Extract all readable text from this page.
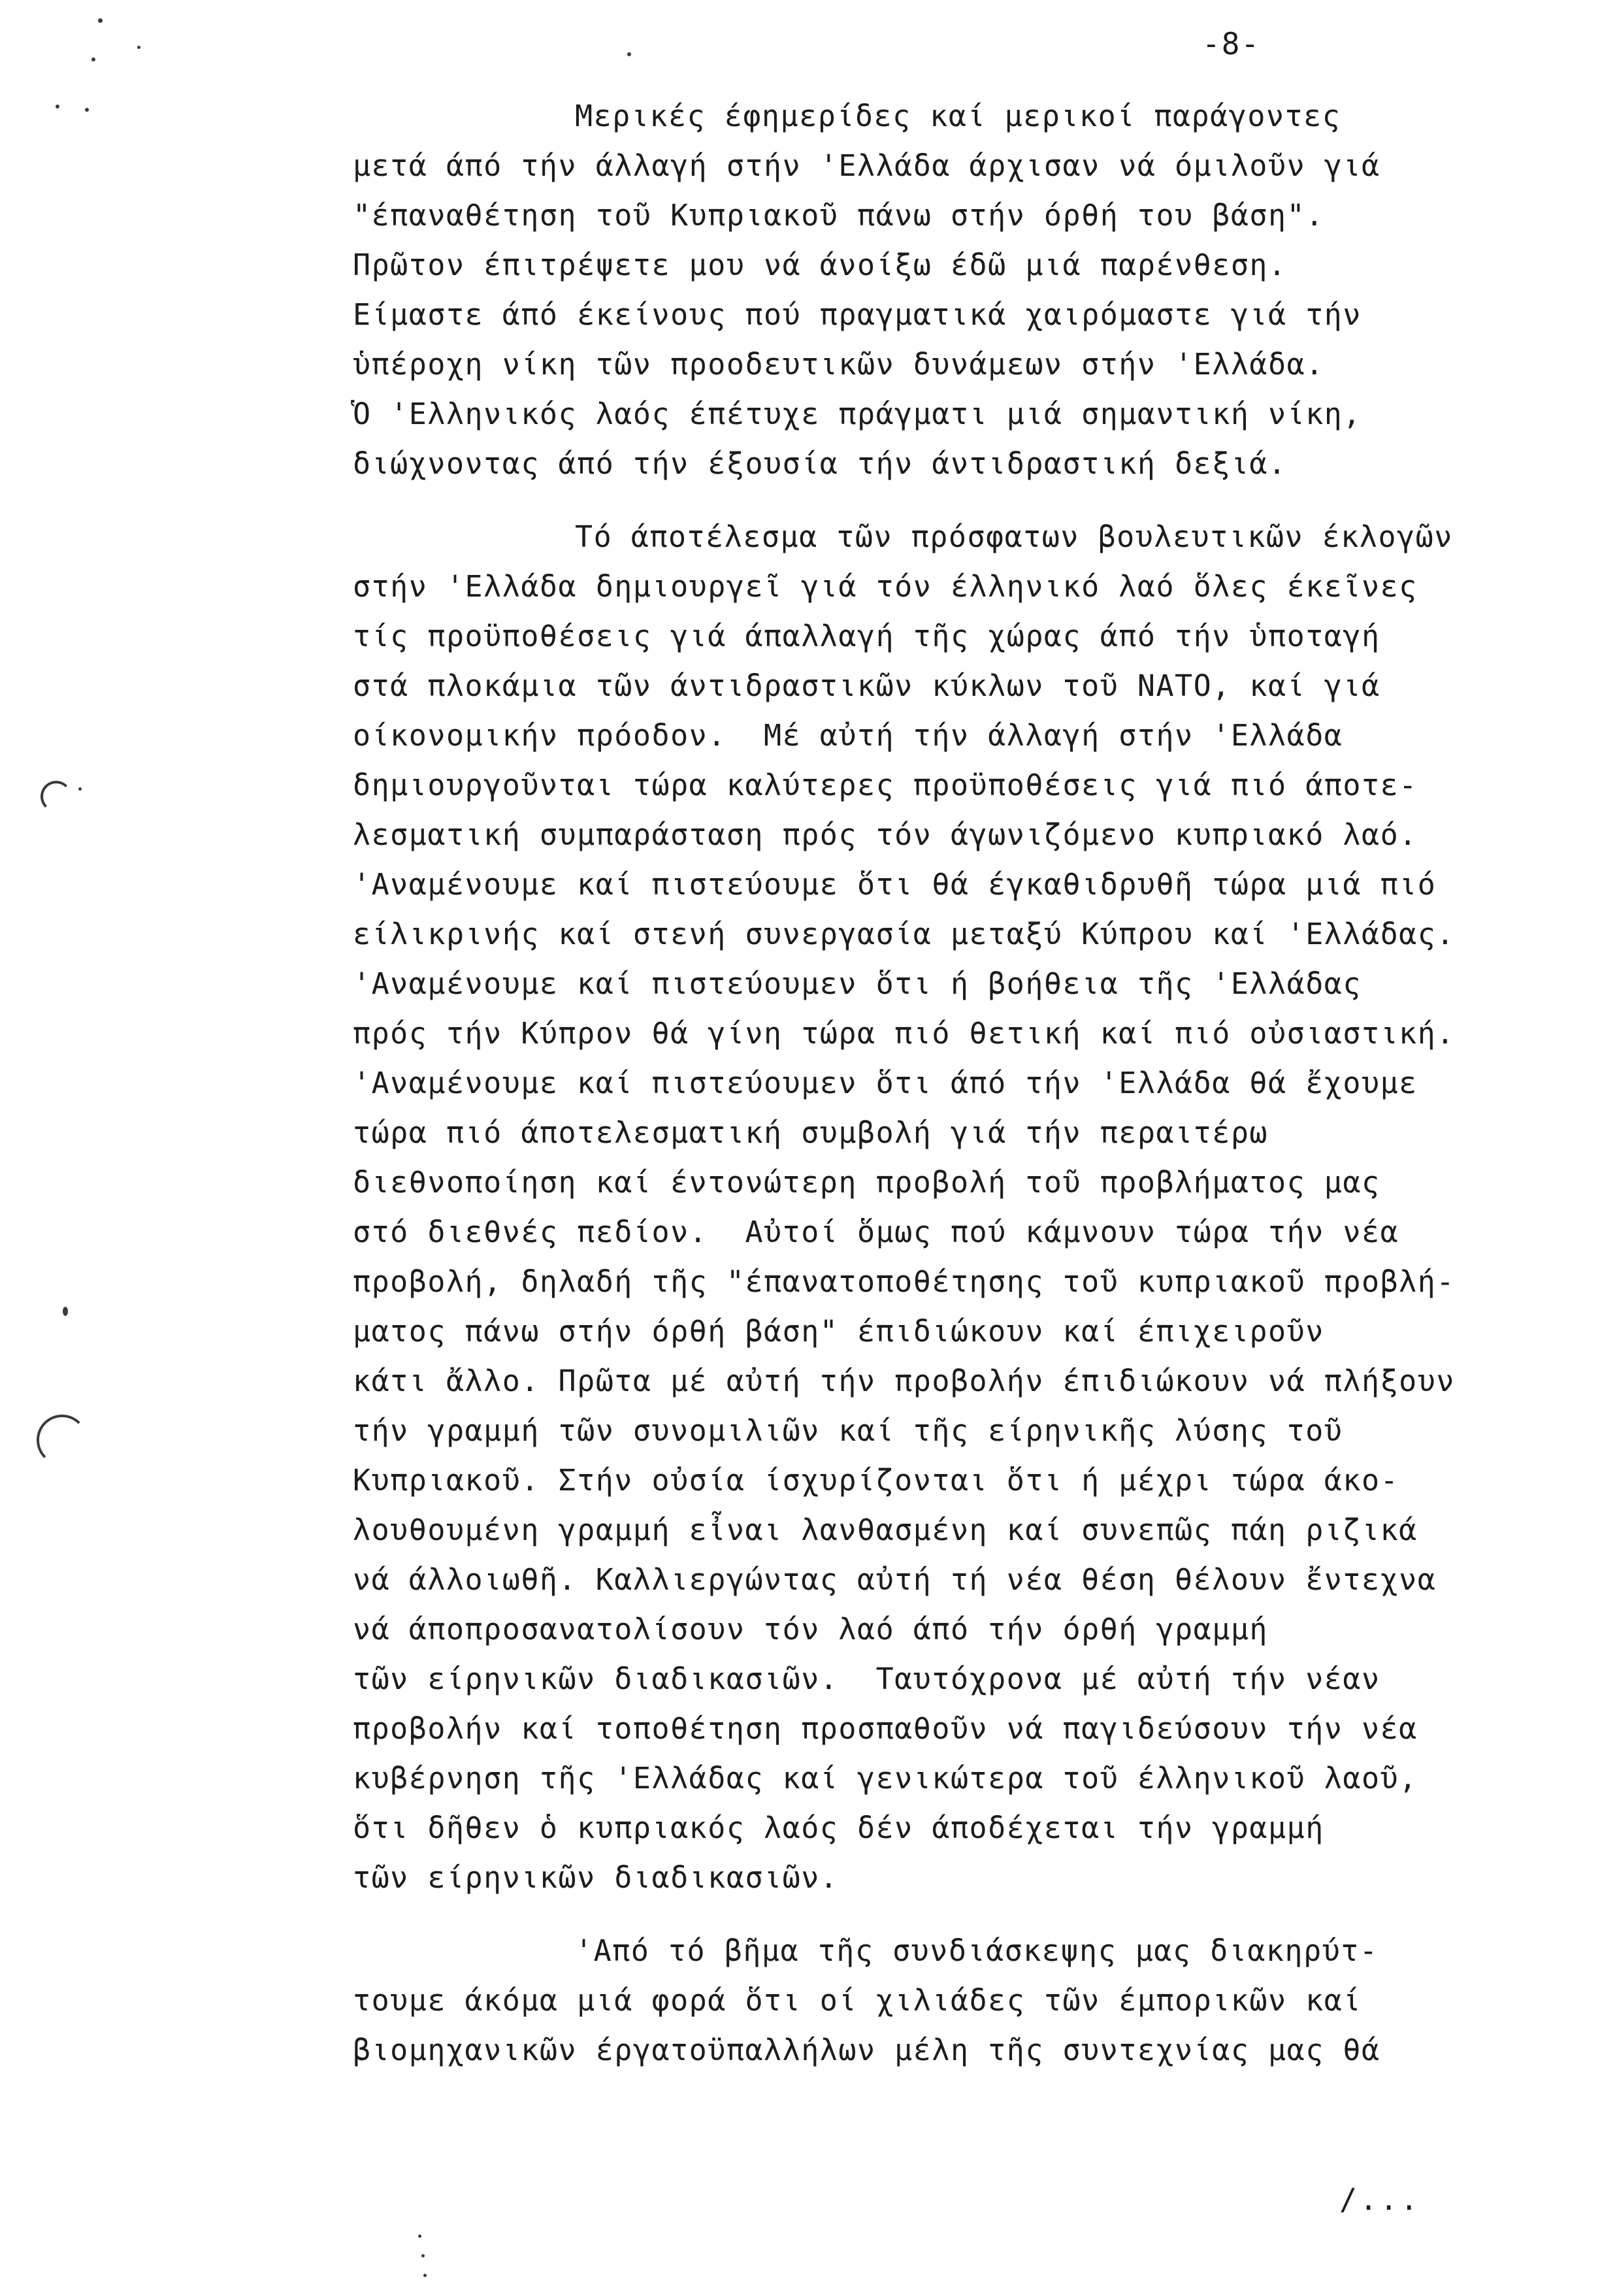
-8-

Μερικές έφημερίδες καί μερικοί παράγοντες
μετά άπό τήν άλλαγή στήν 'Ελλάδα άρχισαν νά όμιλοῦν γιά
"έπαναθέτηση τοῦ Κυπριακοῦ πάνω στήν όρθή του βάση".
Πρῶτον έπιτρέψετε μου νά άνοίξω έδῶ μιά παρένθεση.
Είμαστε άπό έκείνους πού πραγματικά χαιρόμαστε γιά τήν
ὑπέροχη νίκη τῶν προοδευτικῶν δυνάμεων στήν 'Ελλάδα.
Ὁ 'Ελληνικός λαός έπέτυχε πράγματι μιά σημαντική νίκη,
διώχνοντας άπό τήν έξουσία τήν άντιδραστική δεξιά.

Τό άποτέλεσμα τῶν πρόσφατων βουλευτικῶν έκλογῶν
στήν 'Ελλάδα δημιουργεῖ γιά τόν έλληνικό λαό ὅλες έκεῖνες
τίς προϋποθέσεις γιά άπαλλαγή τῆς χώρας άπό τήν ὑποταγή
στά πλοκάμια τῶν άντιδραστικῶν κύκλων τοῦ ΝΑΤΟ, καί γιά
οίκονομικήν πρόοδον.  Μέ αὐτή τήν άλλαγή στήν 'Ελλάδα
δημιουργοῦνται τώρα καλύτερες προϋποθέσεις γιά πιό άποτε-
λεσματική συμπαράσταση πρός τόν άγωνιζόμενο κυπριακό λαό.
'Αναμένουμε καί πιστεύουμε ὅτι θά έγκαθιδρυθῆ τώρα μιά πιό
είλικρινής καί στενή συνεργασία μεταξύ Κύπρου καί 'Ελλάδας.
'Αναμένουμε καί πιστεύουμεν ὅτι ή βοήθεια τῆς 'Ελλάδας
πρός τήν Κύπρον θά γίνη τώρα πιό θετική καί πιό οὐσιαστική.
'Αναμένουμε καί πιστεύουμεν ὅτι άπό τήν 'Ελλάδα θά ἔχουμε
τώρα πιό άποτελεσματική συμβολή γιά τήν περαιτέρω
διεθνοποίηση καί έντονώτερη προβολή τοῦ προβλήματος μας
στό διεθνές πεδίον.  Αὐτοί ὅμως πού κάμνουν τώρα τήν νέα
προβολή, δηλαδή τῆς "έπανατοποθέτησης τοῦ κυπριακοῦ προβλή-
ματος πάνω στήν όρθή βάση" έπιδιώκουν καί έπιχειροῦν
κάτι ἄλλο. Πρῶτα μέ αὐτή τήν προβολήν έπιδιώκουν νά πλήξουν
τήν γραμμή τῶν συνομιλιῶν καί τῆς είρηνικῆς λύσης τοῦ
Κυπριακοῦ. Στήν οὐσία ίσχυρίζονται ὅτι ή μέχρι τώρα άκο-
λουθουμένη γραμμή εἶναι λανθασμένη καί συνεπῶς πάη ριζικά
νά άλλοιωθῆ. Καλλιεργώντας αὐτή τή νέα θέση θέλουν ἔντεχνα
νά άποπροσανατολίσουν τόν λαό άπό τήν όρθή γραμμή
τῶν είρηνικῶν διαδικασιῶν.  Ταυτόχρονα μέ αὐτή τήν νέαν
προβολήν καί τοποθέτηση προσπαθοῦν νά παγιδεύσουν τήν νέα
κυβέρνηση τῆς 'Ελλάδας καί γενικώτερα τοῦ έλληνικοῦ λαοῦ,
ὅτι δῆθεν ὁ κυπριακός λαός δέν άποδέχεται τήν γραμμή
τῶν είρηνικῶν διαδικασιῶν.

'Από τό βῆμα τῆς συνδιάσκεψης μας διακηρύτ-
τουμε άκόμα μιά φορά ὅτι οί χιλιάδες τῶν έμπορικῶν καί
βιομηχανικῶν έργατοϋπαλλήλων μέλη τῆς συντεχνίας μας θά

/...
